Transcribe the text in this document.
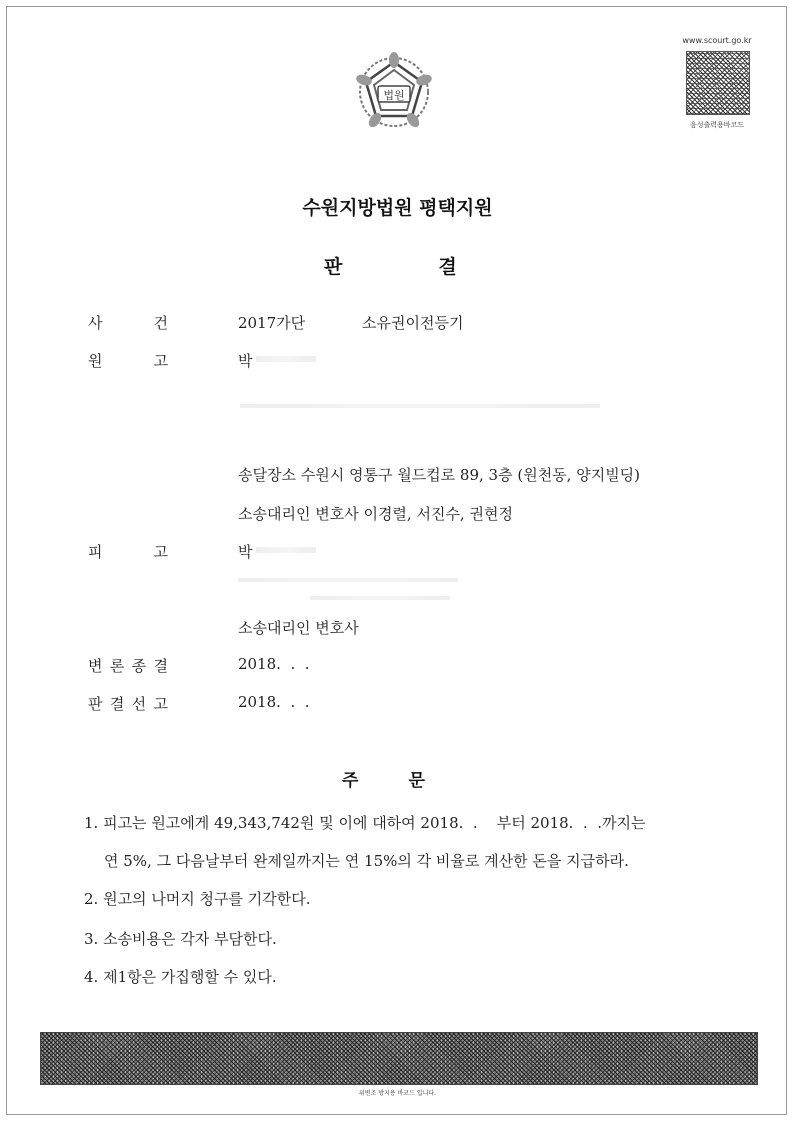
법원
www.scourt.go.kr
음성출력용바코드
수원지방법원 평택지원
판	결
사	건	2017가단	소유권이전등기
원	고	박
송달장소 수원시 영통구 월드컵로 89, 3층 (원천동, 양지빌딩)
소송대리인 변호사 이경렬, 서진수, 권현정
피	고	박
소송대리인 변호사
변 론 종 결	2018.  .  .
판 결 선 고	2018.  .  .
주	문
1. 피고는 원고에게 49,343,742원 및 이에 대하여 2018.  .    부터 2018.  .  .까지는
연 5%, 그 다음날부터 완제일까지는 연 15%의 각 비율로 계산한 돈을 지급하라.
2. 원고의 나머지 청구를 기각한다.
3. 소송비용은 각자 부담한다.
4. 제1항은 가집행할 수 있다.
위변조 방지용 바코드 입니다.
